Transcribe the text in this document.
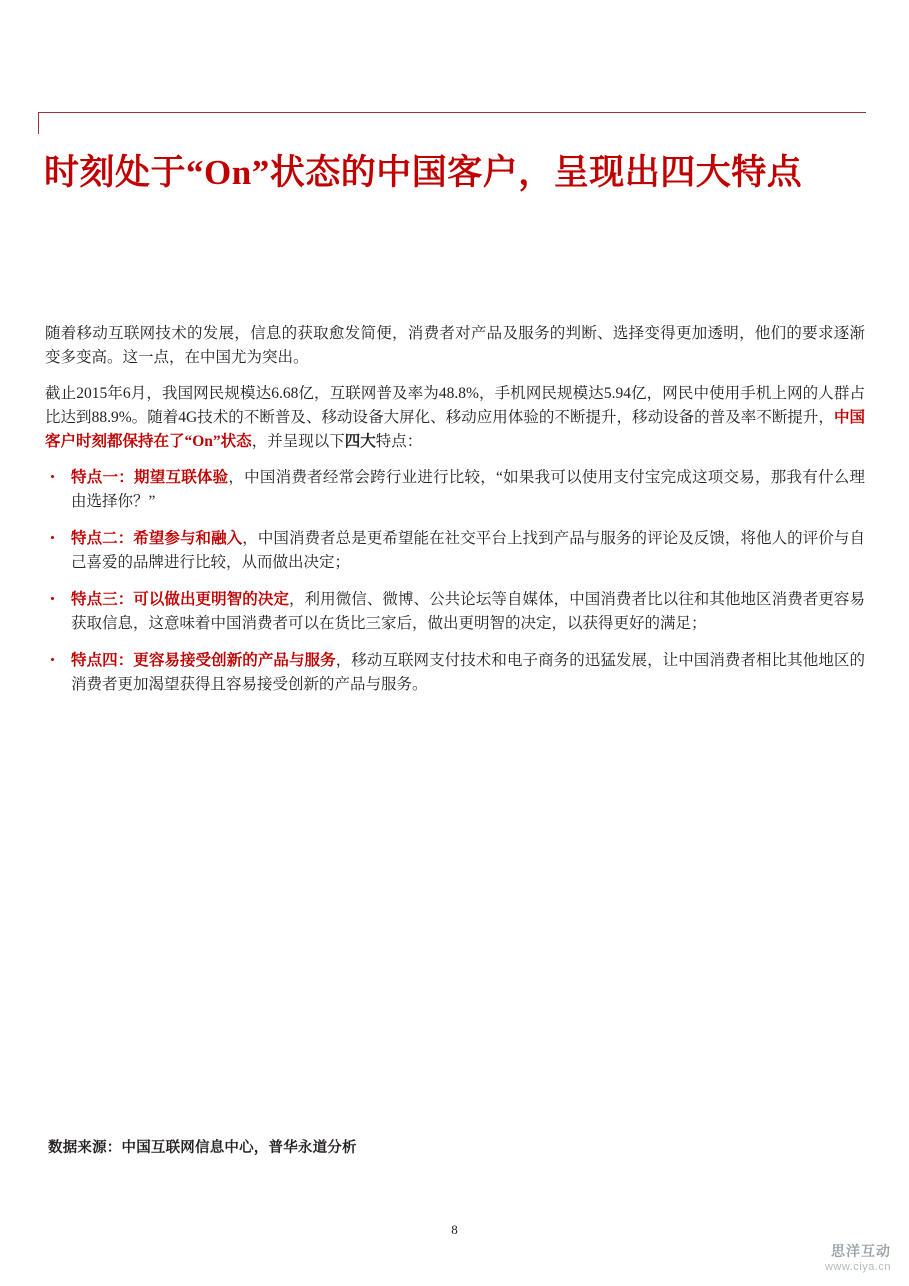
时刻处于“On”状态的中国客户，呈现出四大特点

随着移动互联网技术的发展，信息的获取愈发简便，消费者对产品及服务的判断、选择变得更加透明，他们的要求逐渐变多变高。这一点，在中国尤为突出。

截止2015年6月，我国网民规模达6.68亿，互联网普及率为48.8%，手机网民规模达5.94亿，网民中使用手机上网的人群占比达到88.9%。随着4G技术的不断普及、移动设备大屏化、移动应用体验的不断提升，移动设备的普及率不断提升，中国客户时刻都保持在了“On”状态，并呈现以下四大特点：

特点一：期望互联体验，中国消费者经常会跨行业进行比较，“如果我可以使用支付宝完成这项交易，那我有什么理由选择你？”
特点二：希望参与和融入，中国消费者总是更希望能在社交平台上找到产品与服务的评论及反馈，将他人的评价与自己喜爱的品牌进行比较，从而做出决定；
特点三：可以做出更明智的决定，利用微信、微博、公共论坛等自媒体，中国消费者比以往和其他地区消费者更容易获取信息，这意味着中国消费者可以在货比三家后，做出更明智的决定，以获得更好的满足；
特点四：更容易接受创新的产品与服务，移动互联网支付技术和电子商务的迅猛发展，让中国消费者相比其他地区的消费者更加渴望获得且容易接受创新的产品与服务。
数据来源：中国互联网信息中心，普华永道分析
8
思洋互动
www.ciya.cn
